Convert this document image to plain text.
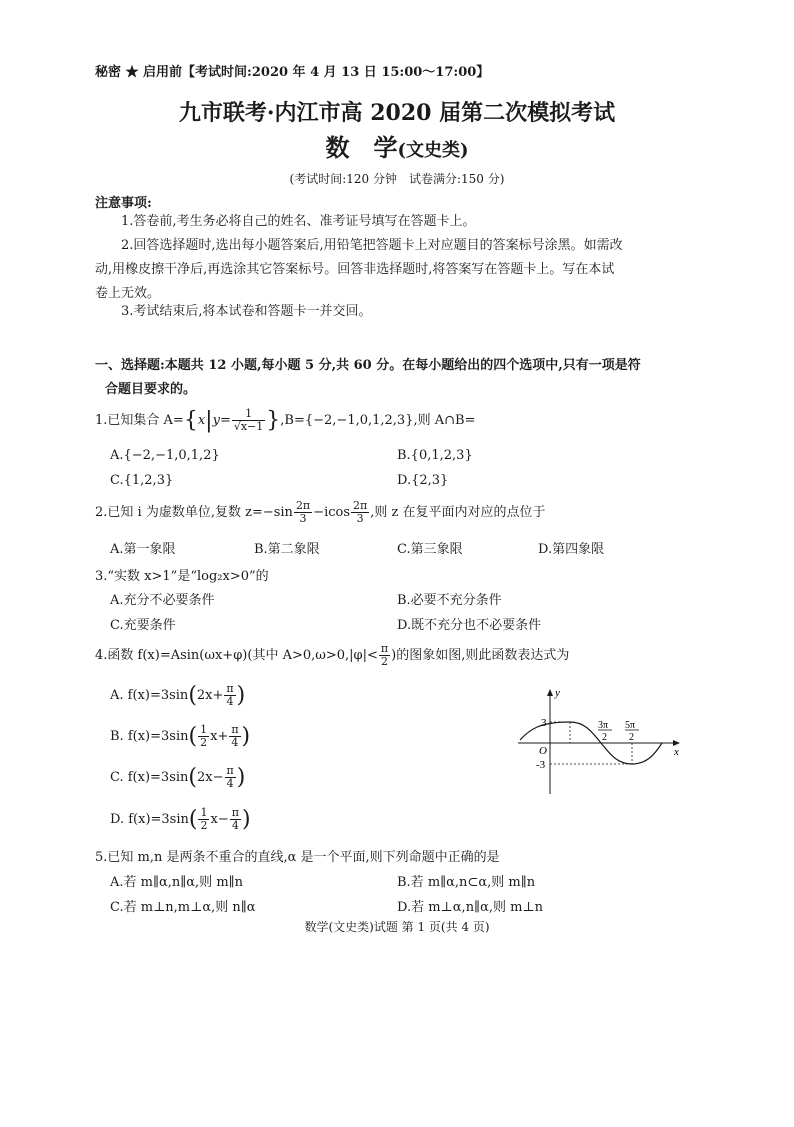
秘密 ★ 启用前【考试时间:2020 年 4 月 13 日 15:00～17:00】
九市联考·内江市高 2020 届第二次模拟考试
数　学(文史类)
(考试时间:120 分钟　试卷满分:150 分)
注意事项:
1.答卷前,考生务必将自己的姓名、准考证号填写在答题卡上。
2.回答选择题时,选出每小题答案后,用铅笔把答题卡上对应题目的答案标号涂黑。如需改
动,用橡皮擦干净后,再选涂其它答案标号。回答非选择题时,将答案写在答题卡上。写在本试
卷上无效。
3.考试结束后,将本试卷和答题卡一并交回。
一、选择题:本题共 12 小题,每小题 5 分,共 60 分。在每小题给出的四个选项中,只有一项是符
合题目要求的。
1.已知集合 $A=\{x|y= \frac{1}{√x-1} \},B=\{-2,-1,0,1,2,3\}$,则 A∩B=
A.{−2,−1,0,1,2}	B.{0,1,2,3}
C.{1,2,3}	D.{2,3}
2.已知 i 为虚数单位,复数 $z=-\sin \frac{2\pi}{3} -icos \frac{2\pi}{3}$ ,则 z 在复平面内对应的点位于
A.第一象限	B.第二象限	C.第三象限	D.第四象限
3.“实数 x>1”是“log₂x>0”的
A.充分不必要条件	B.必要不充分条件
C.充要条件	D.既不充分也不必要条件
4.函数 f(x)=Asin(ωx+φ)(其中 $A>0,\omega>0,|\varphi|< \frac{\pi}{2}$ )的图象如图,则此函数表达式为
A. $f(x)=3\sin(2x+ \frac{\pi}{4}$ )
B. $f(x)=3\sin( \frac{1}{2} x+ \frac{\pi}{4}$ )
C. $f(x)=3\sin(2x- \frac{\pi}{4}$ )
D. $f(x)=3\sin( \frac{1}{2} x- \frac{\pi}{4}$ )
y
x
O
3
-3
3π
2
5π
2
5.已知 m,n 是两条不重合的直线,α 是一个平面,则下列命题中正确的是
A.若 m∥α,n∥α,则 m∥n	B.若 m∥α,n⊂α,则 m∥n
C.若 m⊥n,m⊥α,则 n∥α	D.若 m⊥α,n∥α,则 m⊥n
数学(文史类)试题 第 1 页(共 4 页)
